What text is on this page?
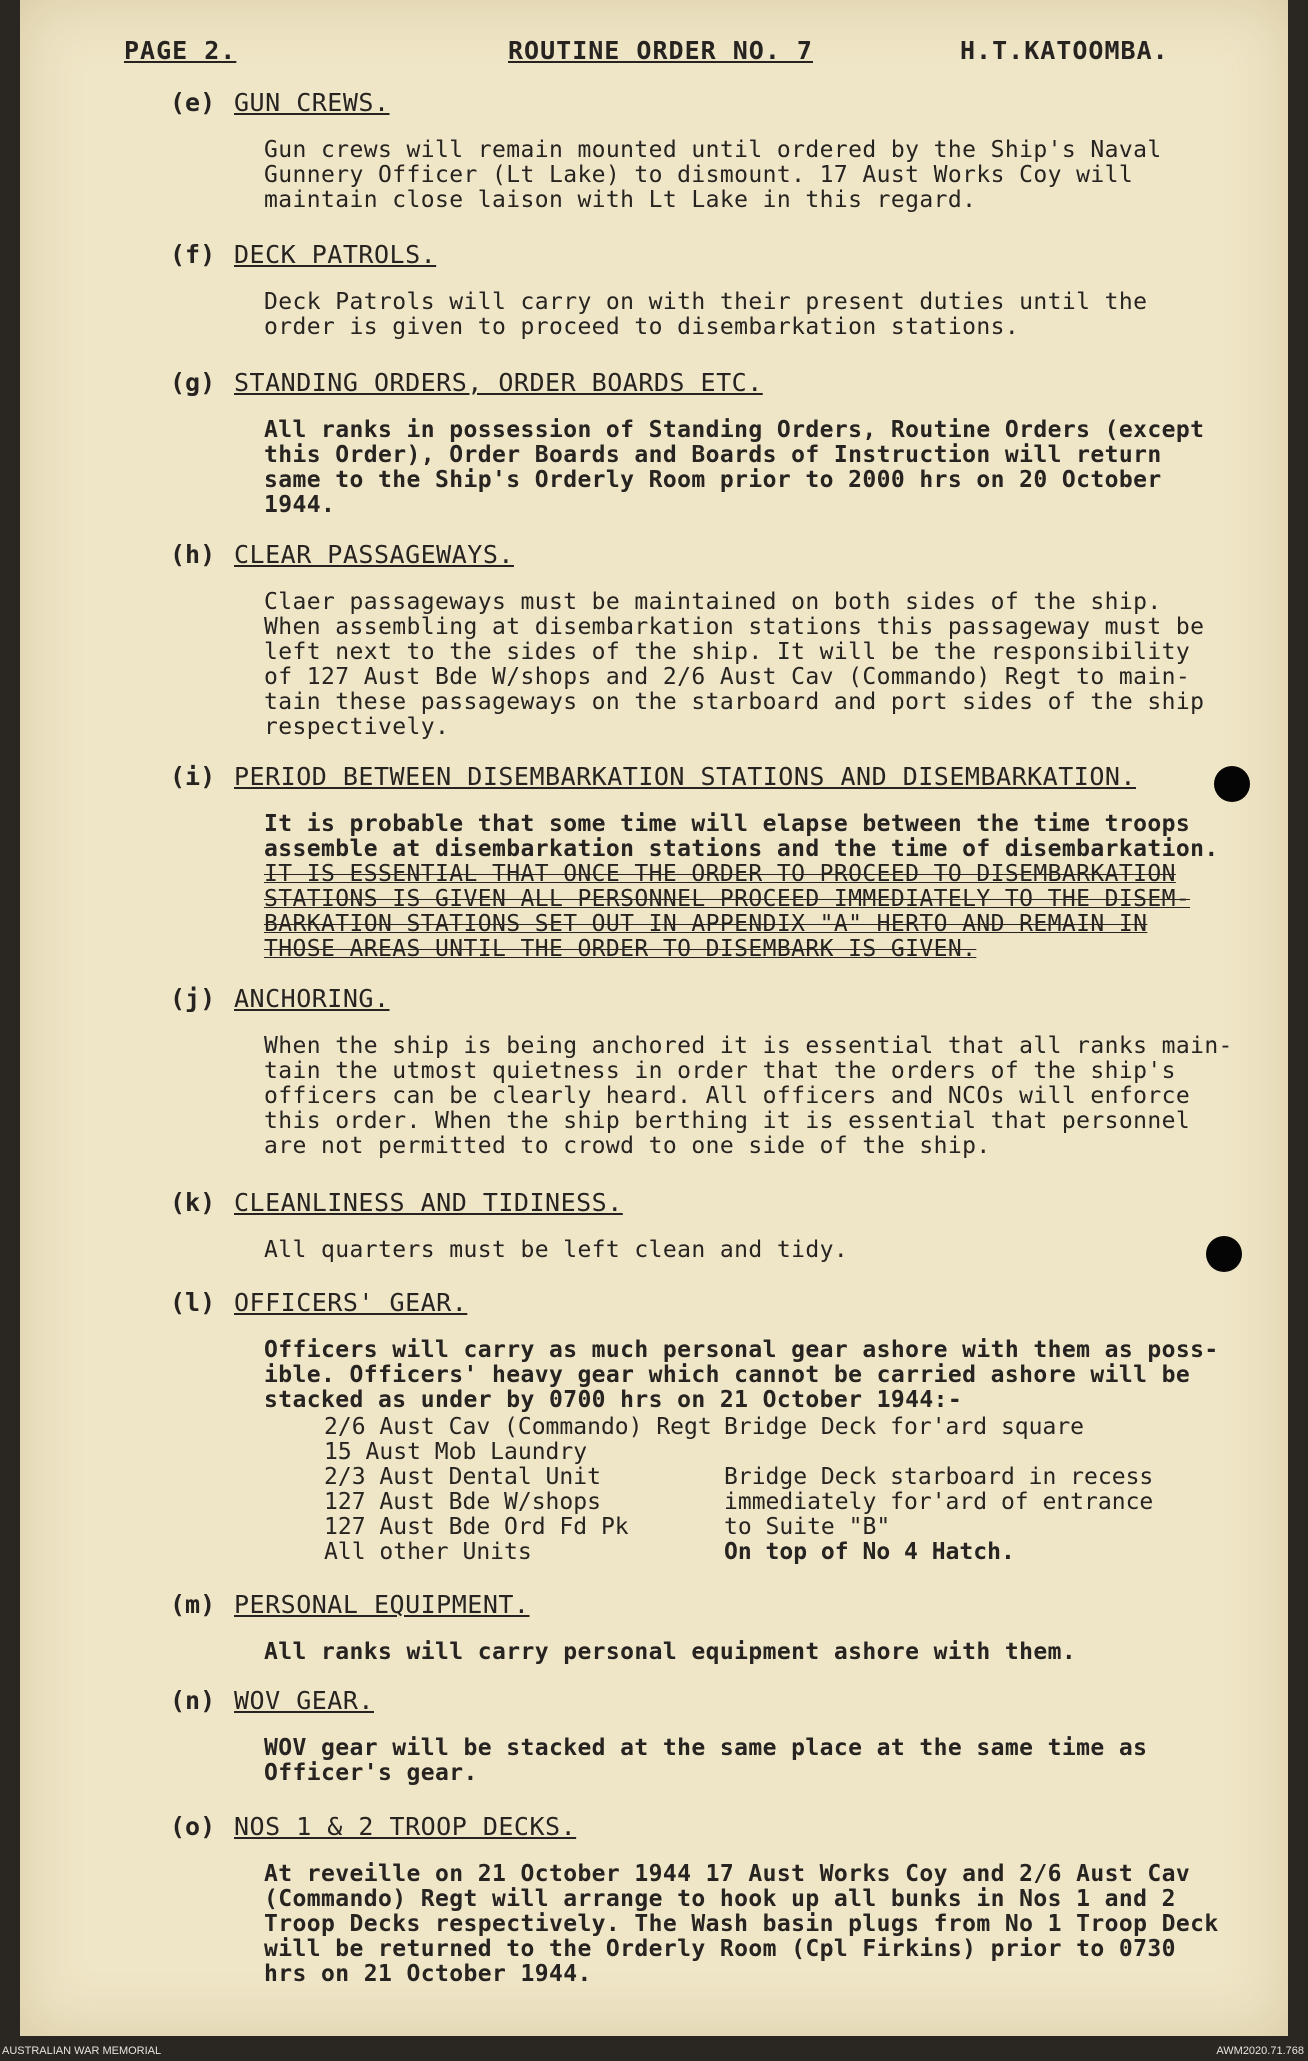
PAGE 2.	ROUTINE ORDER NO. 7	H.T.KATOOMBA.
(e) GUN CREWS.
Gun crews will remain mounted until ordered by the Ship's Naval
Gunnery Officer (Lt Lake) to dismount. 17 Aust Works Coy will
maintain close laison with Lt Lake in this regard.
(f) DECK PATROLS.
Deck Patrols will carry on with their present duties until the
order is given to proceed to disembarkation stations.
(g) STANDING ORDERS, ORDER BOARDS ETC.
All ranks in possession of Standing Orders, Routine Orders (except
this Order), Order Boards and Boards of Instruction will return
same to the Ship's Orderly Room prior to 2000 hrs on 20 October
1944.
(h) CLEAR PASSAGEWAYS.
Claer passageways must be maintained on both sides of the ship.
When assembling at disembarkation stations this passageway must be
left next to the sides of the ship. It will be the responsibility
of 127 Aust Bde W/shops and 2/6 Aust Cav (Commando) Regt to main-
tain these passageways on the starboard and port sides of the ship
respectively.
(i) PERIOD BETWEEN DISEMBARKATION STATIONS AND DISEMBARKATION.
It is probable that some time will elapse between the time troops
assemble at disembarkation stations and the time of disembarkation.
IT IS ESSENTIAL THAT ONCE THE ORDER TO PROCEED TO DISEMBARKATION
STATIONS IS GIVEN ALL PERSONNEL PROCEED IMMEDIATELY TO THE DISEM-
BARKATION STATIONS SET OUT IN APPENDIX "A" HERTO AND REMAIN IN
THOSE AREAS UNTIL THE ORDER TO DISEMBARK IS GIVEN.
(j) ANCHORING.
When the ship is being anchored it is essential that all ranks main-
tain the utmost quietness in order that the orders of the ship's
officers can be clearly heard. All officers and NCOs will enforce
this order. When the ship berthing it is essential that personnel
are not permitted to crowd to one side of the ship.
(k) CLEANLINESS AND TIDINESS.
All quarters must be left clean and tidy.
(l) OFFICERS' GEAR.
Officers will carry as much personal gear ashore with them as poss-
ible. Officers' heavy gear which cannot be carried ashore will be
stacked as under by 0700 hrs on 21 October 1944:-
2/6 Aust Cav (Commando) Regt	Bridge Deck for'ard square
15 Aust Mob Laundry	
2/3 Aust Dental Unit	Bridge Deck starboard in recess
127 Aust Bde W/shops	immediately for'ard of entrance
127 Aust Bde Ord Fd Pk	to Suite "B"
All other Units	On top of No 4 Hatch.
(m) PERSONAL EQUIPMENT.
All ranks will carry personal equipment ashore with them.
(n) WOV GEAR.
WOV gear will be stacked at the same place at the same time as
Officer's gear.
(o) NOS 1 & 2 TROOP DECKS.
At reveille on 21 October 1944 17 Aust Works Coy and 2/6 Aust Cav
(Commando) Regt will arrange to hook up all bunks in Nos 1 and 2
Troop Decks respectively. The Wash basin plugs from No 1 Troop Deck
will be returned to the Orderly Room (Cpl Firkins) prior to 0730
hrs on 21 October 1944.
AUSTRALIAN WAR MEMORIAL	AWM2020.71.768
